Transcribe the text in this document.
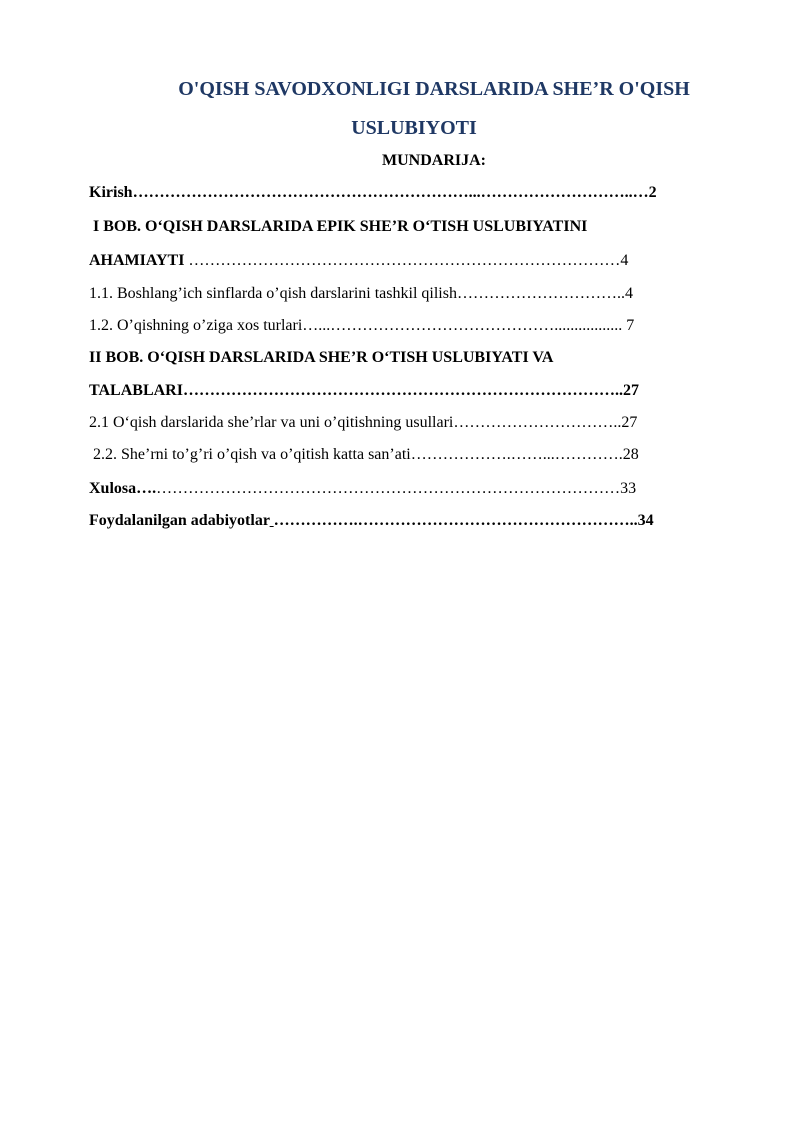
O'QISH SAVODXONLIGI DARSLARIDA SHE’R O'QISH
USLUBIYOTI
MUNDARIJA:
Kirish………………………………………………………...………………………..…2
I BOB. O‘QISH DARSLARIDA EPIK SHE’R O‘TISH USLUBIYATINI
AHAMIAYTI ………………………………………………………………………4
1.1. Boshlang’ich sinflarda o’qish darslarini tashkil qilish…………………………..4
1.2. O’qishning o’ziga xos turlari…...……………………………………................. 7
II BOB. O‘QISH DARSLARIDA SHE’R O‘TISH USLUBIYATI VA
TALABLARI………………………………………………………………………..27
2.1 O‘qish darslarida she’rlar va uni o’qitishning usullari…………………………..27
2.2. She’rni to’g’ri o’qish va o’qitish katta san’ati……………….……...………….28
Xulosa….……………………………………………………………………………33
Foydalanilgan adabiyotlar …………….……………………………………………..34
